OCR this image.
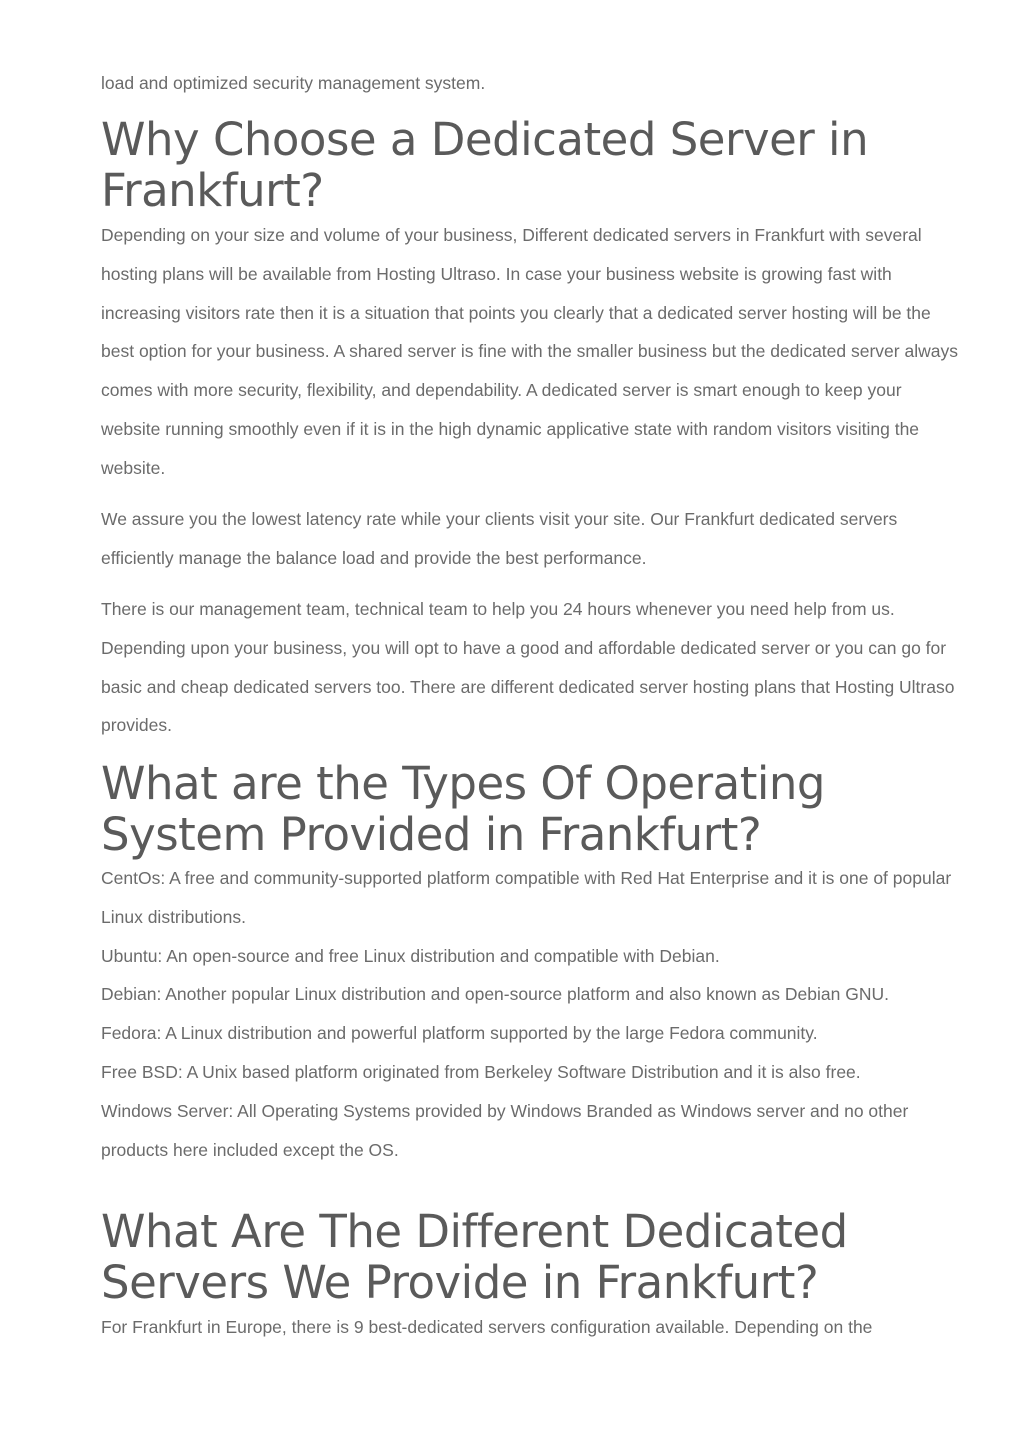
load and optimized security management system.

Why Choose a Dedicated Server in Frankfurt?

Depending on your size and volume of your business, Different dedicated servers in Frankfurt with several hosting plans will be available from Hosting Ultraso. In case your business website is growing fast with increasing visitors rate then it is a situation that points you clearly that a dedicated server hosting will be the best option for your business. A shared server is fine with the smaller business but the dedicated server always comes with more security, flexibility, and dependability. A dedicated server is smart enough to keep your website running smoothly even if it is in the high dynamic applicative state with random visitors visiting the website.

We assure you the lowest latency rate while your clients visit your site. Our Frankfurt dedicated servers efficiently manage the balance load and provide the best performance.

There is our management team, technical team to help you 24 hours whenever you need help from us. Depending upon your business, you will opt to have a good and affordable dedicated server or you can go for basic and cheap dedicated servers too. There are different dedicated server hosting plans that Hosting Ultraso provides.

What are the Types Of Operating System Provided in Frankfurt?

CentOs: A free and community-supported platform compatible with Red Hat Enterprise and it is one of popular Linux distributions.

Ubuntu: An open-source and free Linux distribution and compatible with Debian.

Debian: Another popular Linux distribution and open-source platform and also known as Debian GNU.

Fedora: A Linux distribution and powerful platform supported by the large Fedora community.

Free BSD: A Unix based platform originated from Berkeley Software Distribution and it is also free.

Windows Server: All Operating Systems provided by Windows Branded as Windows server and no other products here included except the OS.

What Are The Different Dedicated Servers We Provide in Frankfurt?

For Frankfurt in Europe, there is 9 best-dedicated servers configuration available. Depending on the
